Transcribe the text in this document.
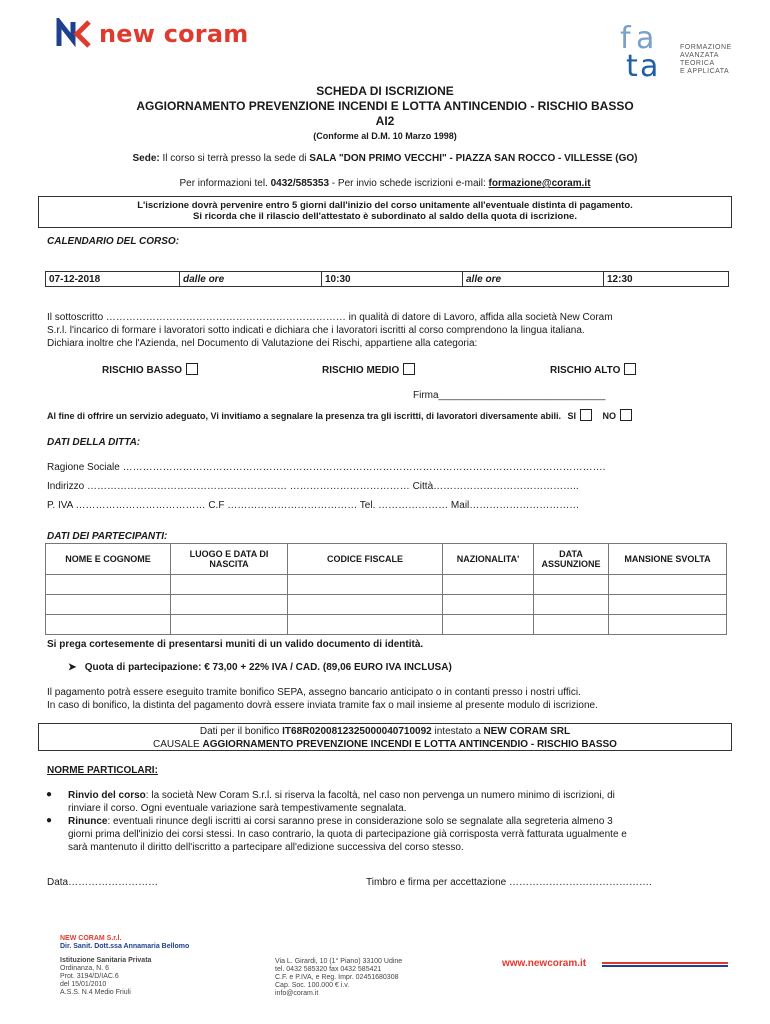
new coram	f a
t a
FORMAZIONE
AVANZATA
TEORICA
E APPLICATA
SCHEDA DI ISCRIZIONE
AGGIORNAMENTO PREVENZIONE INCENDI E LOTTA ANTINCENDIO - RISCHIO BASSO
AI2
(Conforme al D.M. 10 Marzo 1998)
Sede: Il corso si terrà presso la sede di SALA "DON PRIMO VECCHI" - PIAZZA SAN ROCCO - VILLESSE (GO)
Per informazioni tel. 0432/585353 - Per invio schede iscrizioni e-mail: formazione@coram.it
L'iscrizione dovrà pervenire entro 5 giorni dall'inizio del corso unitamente all'eventuale distinta di pagamento.
Si ricorda che il rilascio dell'attestato è subordinato al saldo della quota di iscrizione.
CALENDARIO DEL CORSO:
07-12-2018	dalle ore	10:30	alle ore	12:30
Il sottoscritto ……………………………………………………………… in qualità di datore di Lavoro, affida alla società New Coram
S.r.l. l'incarico di formare i lavoratori sotto indicati e dichiara che i lavoratori iscritti al corso comprendono la lingua italiana.
Dichiara inoltre che l'Azienda, nel Documento di Valutazione dei Rischi, appartiene alla categoria:
RISCHIO BASSO	RISCHIO MEDIO	RISCHIO ALTO
Firma______________________________
Al fine di offrire un servizio adeguato, Vi invitiamo a segnalare la presenza tra gli iscritti, di lavoratori diversamente abili. SI	NO
DATI DELLA DITTA:
Ragione Sociale ……………………………………………………………………………………………………………………………….
Indirizzo …………………………………………………… ……………………………… Città……………………………………..
P. IVA ………………………………… C.F ………………………………… Tel. ………………… Mail……………………………
DATI DEI PARTECIPANTI:
NOME E COGNOME	LUOGO E DATA DI NASCITA	CODICE FISCALE	NAZIONALITA'	DATA ASSUNZIONE	MANSIONE SVOLTA

Si prega cortesemente di presentarsi muniti di un valido documento di identità.
➤ Quota di partecipazione: € 73,00 + 22% IVA / CAD. (89,06 EURO IVA INCLUSA)
Il pagamento potrà essere eseguito tramite bonifico SEPA, assegno bancario anticipato o in contanti presso i nostri uffici.
In caso di bonifico, la distinta del pagamento dovrà essere inviata tramite fax o mail insieme al presente modulo di iscrizione.
Dati per il bonifico IT68R0200812325000040710092 intestato a NEW CORAM SRL
CAUSALE AGGIORNAMENTO PREVENZIONE INCENDI E LOTTA ANTINCENDIO - RISCHIO BASSO
NORME PARTICOLARI:
● Rinvio del corso: la società New Coram S.r.l. si riserva la facoltà, nel caso non pervenga un numero minimo di iscrizioni, di
rinviare il corso. Ogni eventuale variazione sarà tempestivamente segnalata.
● Rinunce: eventuali rinunce degli iscritti ai corsi saranno prese in considerazione solo se segnalate alla segreteria almeno 3
giorni prima dell'inizio dei corsi stessi. In caso contrario, la quota di partecipazione già corrisposta verrà fatturata ugualmente e
sarà mantenuto il diritto dell'iscritto a partecipare all'edizione successiva del corso stesso.
Data………………………	Timbro e firma per accettazione …………………………………….
NEW CORAM S.r.l.
Dir. Sanit. Dott.ssa Annamaria Bellomo
Istituzione Sanitaria Privata
Ordinanza, N. 6
Prot. 3194/D/IAC.6
del 15/01/2010
A.S.S. N.4 Medio Friuli
Via L. Girardi, 10 (1° Piano) 33100 Udine
tel. 0432 585320 fax 0432 585421
C.F. e P.IVA, e Reg. Impr. 02451680308
Cap. Soc. 100.000 € i.v.
info@coram.it
www.newcoram.it
